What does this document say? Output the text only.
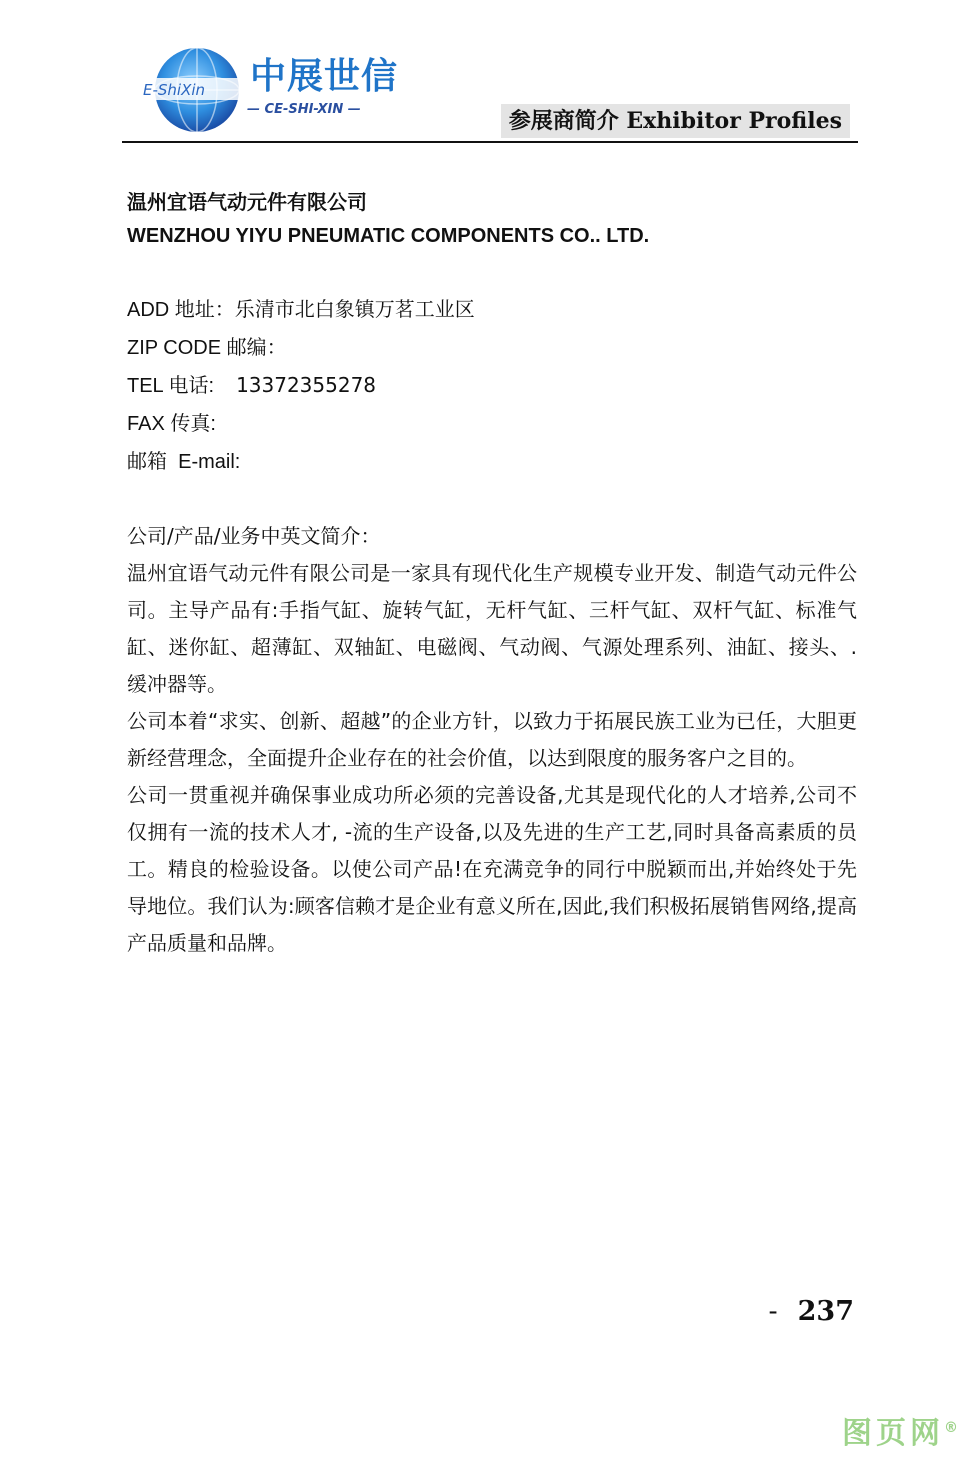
E-ShiXin 中展世信
— CE-SHI-XIN —	参展商简介 Exhibitor Profiles

温州宜语气动元件有限公司

WENZHOU YIYU PNEUMATIC COMPONENTS CO.. LTD.

ADD 地址：乐清市北白象镇万茗工业区
ZIP CODE 邮编：
TEL 电话: 13372355278
FAX 传真:
邮箱  E-mail:
公司/产品/业务中英文简介：

温州宜语气动元件有限公司是一家具有现代化生产规模专业开发、制造气动元件公司。主导产品有:手指气缸、旋转气缸，无杆气缸、三杆气缸、双杆气缸、标准气缸、迷你缸、超薄缸、双轴缸、电磁阀、气动阀、气源处理系列、油缸、接头、. 缓冲器等。

公司本着“求实、创新、超越”的企业方针，以致力于拓展民族工业为已任，大胆更新经营理念，全面提升企业存在的社会价值，以达到限度的服务客户之目的。

公司一贯重视并确保事业成功所必须的完善设备,尤其是现代化的人才培养,公司不仅拥有一流的技术人才, -流的生产设备,以及先进的生产工艺,同时具备高素质的员工。精良的检验设备。以使公司产品!在充满竞争的同行中脱颖而出,并始终处于先导地位。我们认为:顾客信赖才是企业有意义所在,因此,我们积极拓展销售网络,提高产品质量和品牌。

- 237
图页网®
